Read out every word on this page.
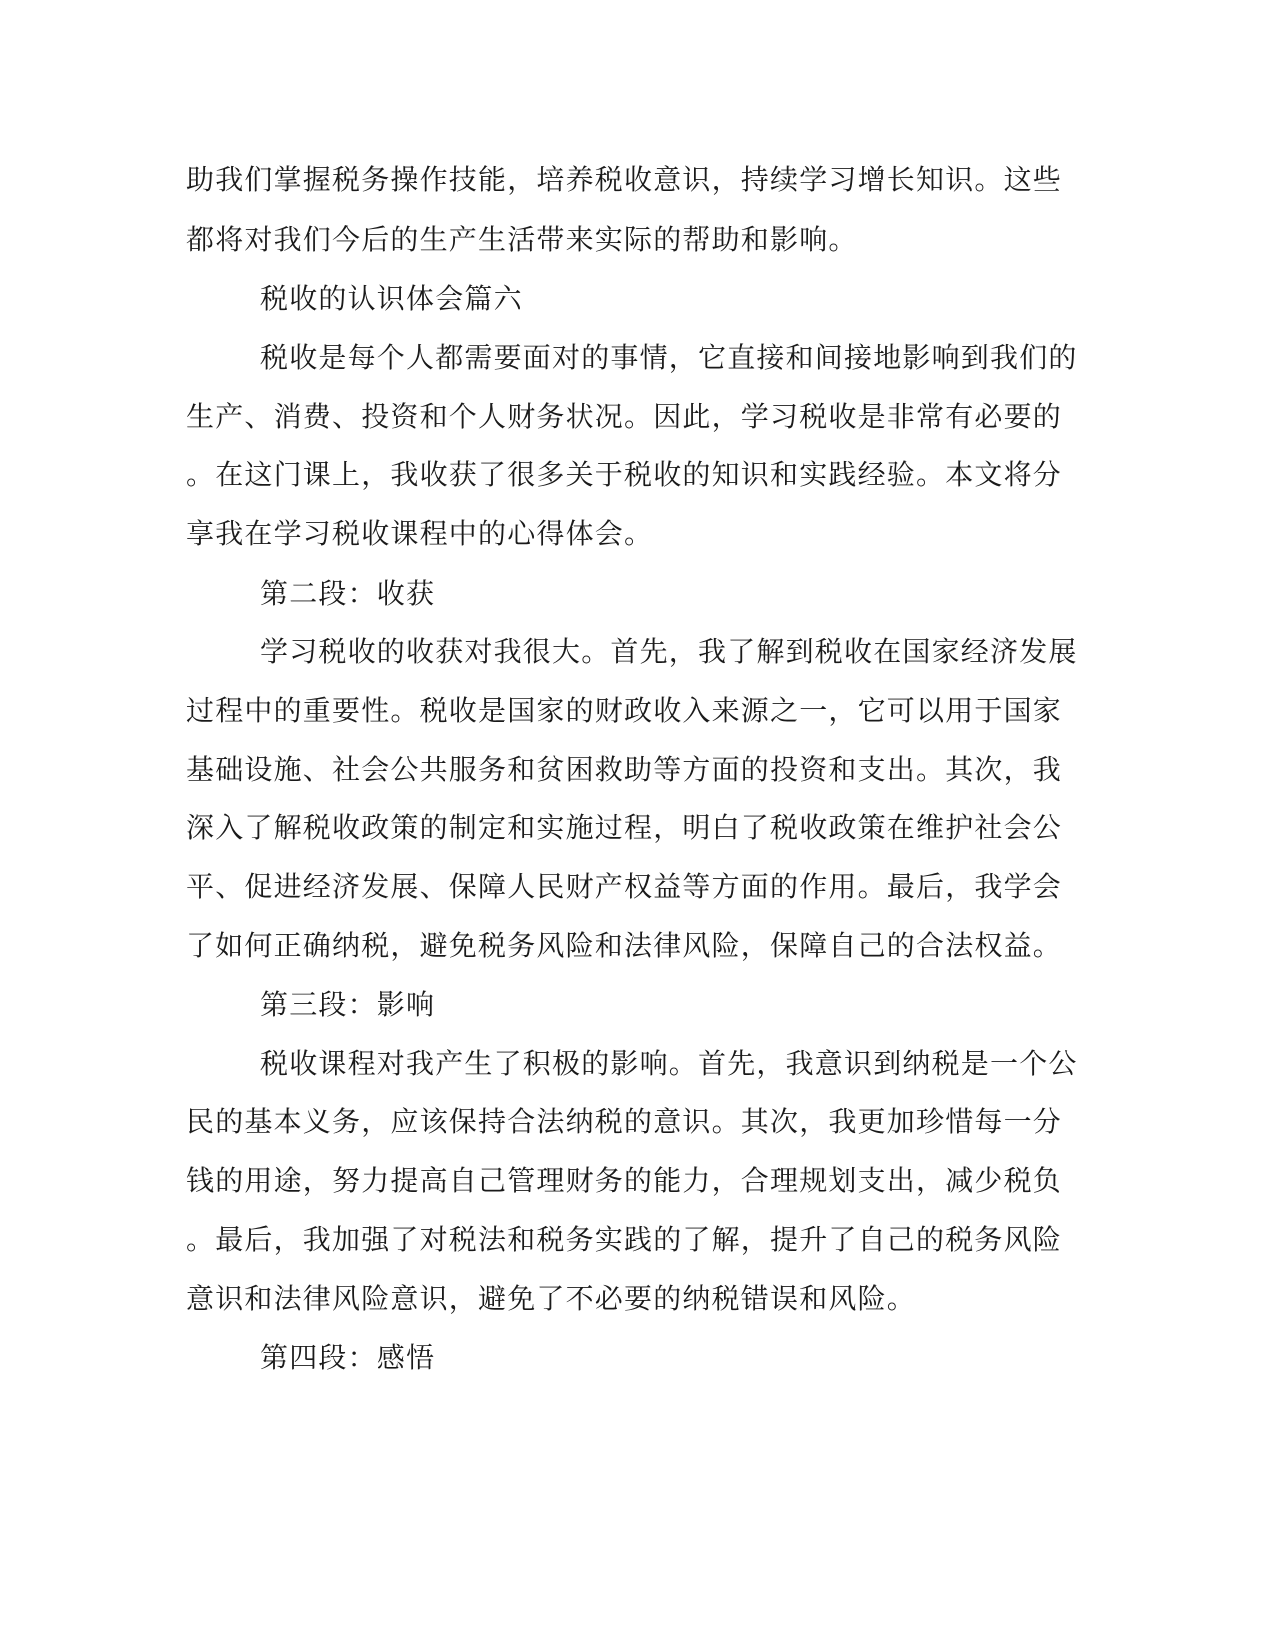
助我们掌握税务操作技能，培养税收意识，持续学习增长知识。这些

都将对我们今后的生产生活带来实际的帮助和影响。

税收的认识体会篇六

税收是每个人都需要面对的事情，它直接和间接地影响到我们的

生产、消费、投资和个人财务状况。因此，学习税收是非常有必要的

。在这门课上，我收获了很多关于税收的知识和实践经验。本文将分

享我在学习税收课程中的心得体会。

第二段：收获

学习税收的收获对我很大。首先，我了解到税收在国家经济发展

过程中的重要性。税收是国家的财政收入来源之一，它可以用于国家

基础设施、社会公共服务和贫困救助等方面的投资和支出。其次，我

深入了解税收政策的制定和实施过程，明白了税收政策在维护社会公

平、促进经济发展、保障人民财产权益等方面的作用。最后，我学会

了如何正确纳税，避免税务风险和法律风险，保障自己的合法权益。

第三段：影响

税收课程对我产生了积极的影响。首先，我意识到纳税是一个公

民的基本义务，应该保持合法纳税的意识。其次，我更加珍惜每一分

钱的用途，努力提高自己管理财务的能力，合理规划支出，减少税负

。最后，我加强了对税法和税务实践的了解，提升了自己的税务风险

意识和法律风险意识，避免了不必要的纳税错误和风险。

第四段：感悟
